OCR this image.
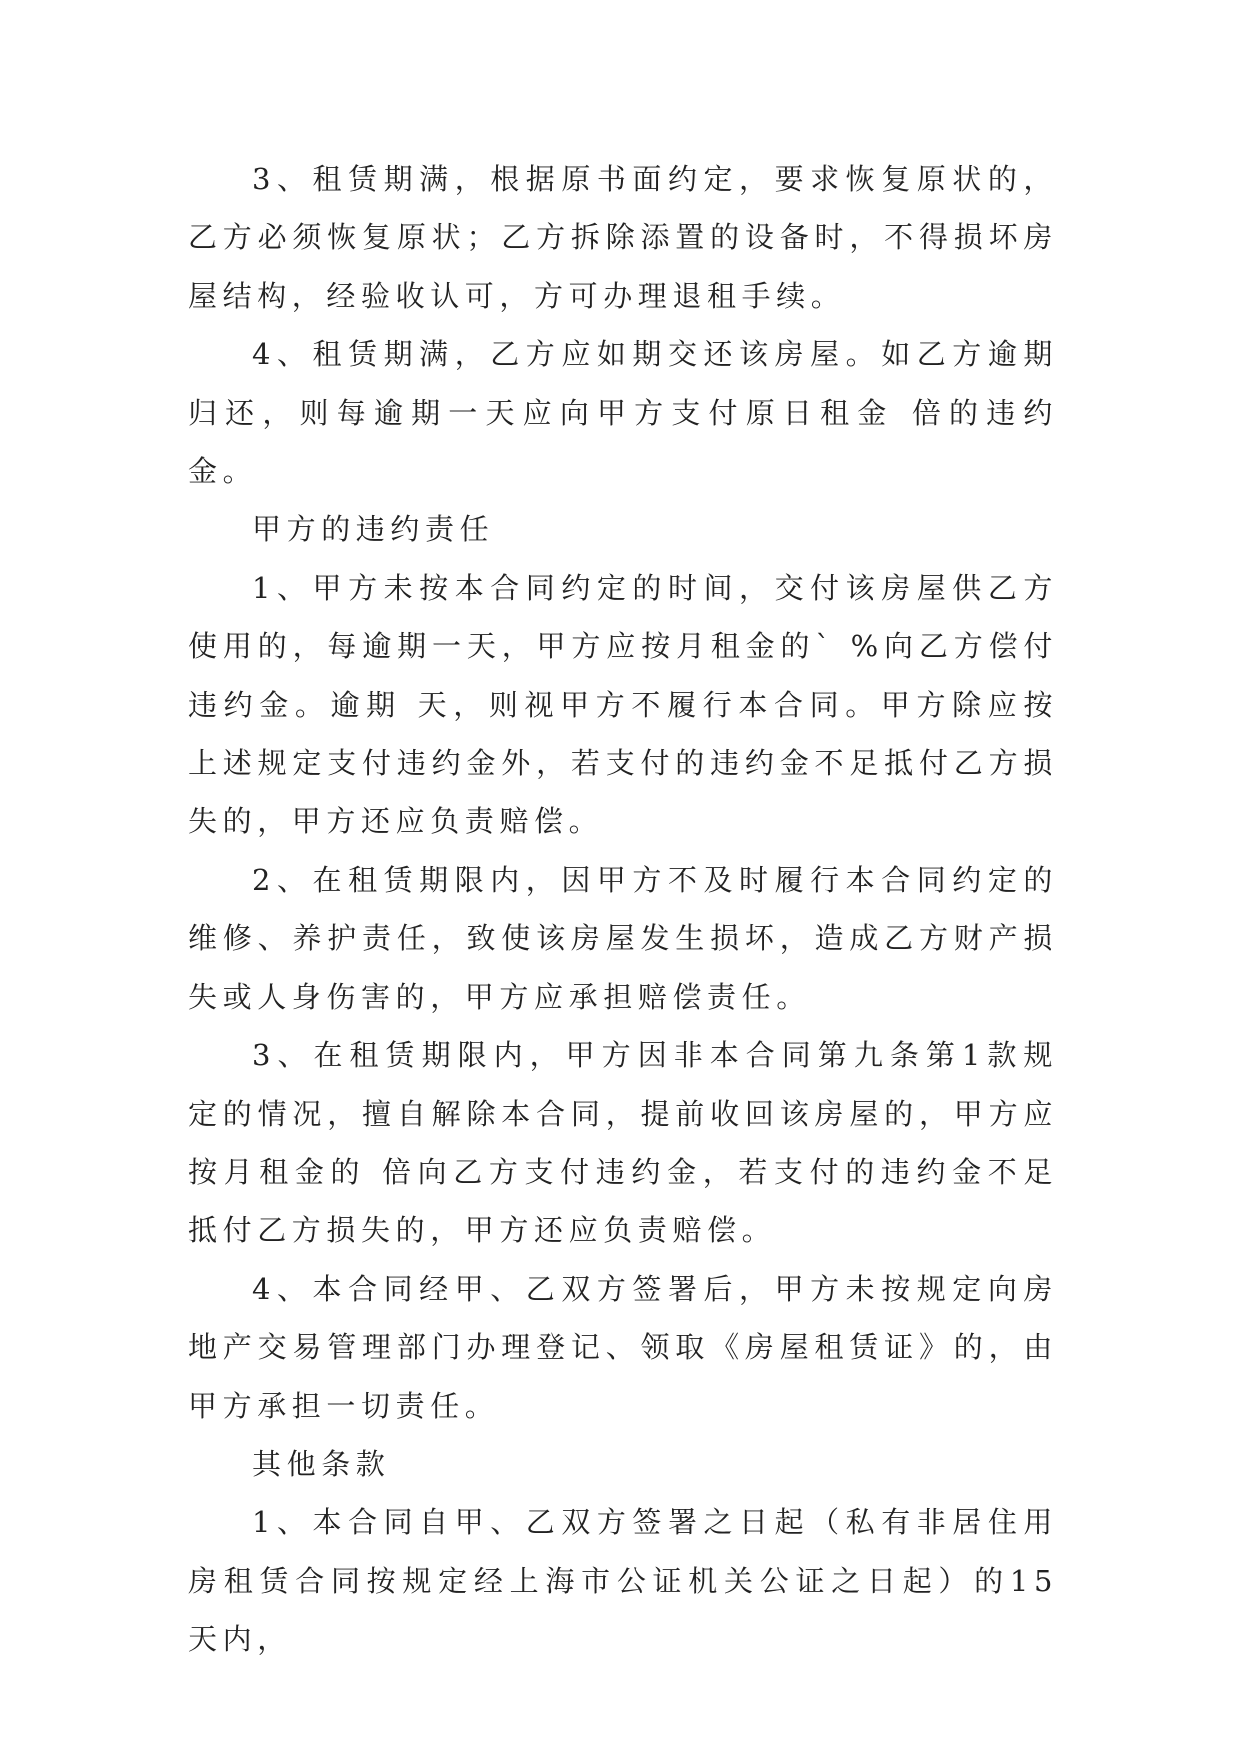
3、租赁期满，根据原书面约定，要求恢复原状的，乙方必须恢复原状；乙方拆除添置的设备时，不得损坏房屋结构，经验收认可，方可办理退租手续。

4、租赁期满，乙方应如期交还该房屋。如乙方逾期归还，则每逾期一天应向甲方支付原日租金 倍的违约金。

甲方的违约责任

1、甲方未按本合同约定的时间，交付该房屋供乙方使用的，每逾期一天，甲方应按月租金的` %向乙方偿付违约金。逾期 天，则视甲方不履行本合同。甲方除应按上述规定支付违约金外，若支付的违约金不足抵付乙方损失的，甲方还应负责赔偿。

2、在租赁期限内，因甲方不及时履行本合同约定的维修、养护责任，致使该房屋发生损坏，造成乙方财产损失或人身伤害的，甲方应承担赔偿责任。

3、在租赁期限内，甲方因非本合同第九条第1款规定的情况，擅自解除本合同，提前收回该房屋的，甲方应按月租金的 倍向乙方支付违约金，若支付的违约金不足抵付乙方损失的，甲方还应负责赔偿。

4、本合同经甲、乙双方签署后，甲方未按规定向房地产交易管理部门办理登记、领取《房屋租赁证》的，由甲方承担一切责任。

其他条款

1、本合同自甲、乙双方签署之日起（私有非居住用房租赁合同按规定经上海市公证机关公证之日起）的15天内，
